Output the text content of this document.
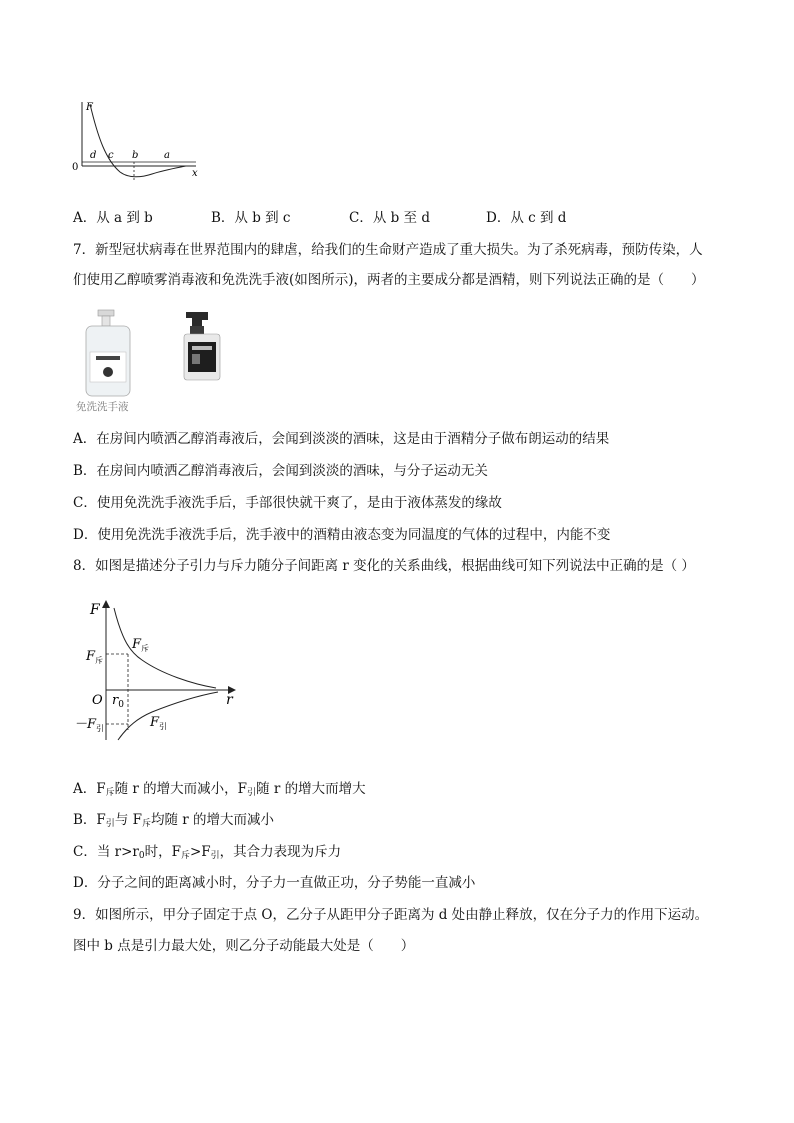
F
x
0
d c b	a
A．从 a 到 b	B．从 b 到 c	C．从 b 至 d	D．从 c 到 d
7．新型冠状病毒在世界范围内的肆虐，给我们的生命财产造成了重大损失。为了杀死病毒，预防传染，人
们使用乙醇喷雾消毒液和免洗洗手液(如图所示)，两者的主要成分都是酒精，则下列说法正确的是（　　）
免洗洗手液
A．在房间内喷洒乙醇消毒液后，会闻到淡淡的酒味，这是由于酒精分子做布朗运动的结果
B．在房间内喷洒乙醇消毒液后，会闻到淡淡的酒味，与分子运动无关
C．使用免洗洗手液洗手后，手部很快就干爽了，是由于液体蒸发的缘故
D．使用免洗洗手液洗手后，洗手液中的酒精由液态变为同温度的气体的过程中，内能不变
8．如图是描述分子引力与斥力随分子间距离 r 变化的关系曲线，根据曲线可知下列说法中正确的是（ ）
F
r
O $r_0$
$F_斥$
$-F_引$
$F_斥$
$F_引$
A．$F_斥$随 r 的增大而减小，$F_引$随 r 的增大而增大
B．$F_引$与 $F_斥$均随 r 的增大而减小
C．当 $r>r_0$时，$F_斥>F_引$，其合力表现为斥力
D．分子之间的距离减小时，分子力一直做正功，分子势能一直减小
9．如图所示，甲分子固定于点 O，乙分子从距甲分子距离为 d 处由静止释放，仅在分子力的作用下运动。
图中 b 点是引力最大处，则乙分子动能最大处是（　　）
